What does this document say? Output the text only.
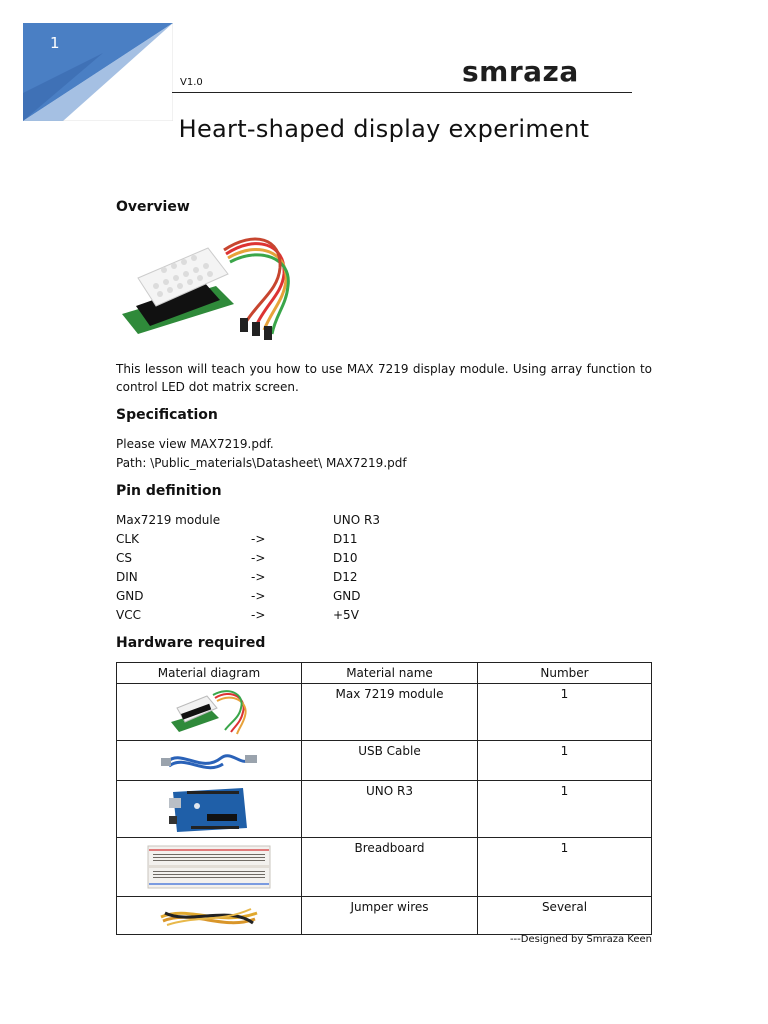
1
V1.0	smraza
Heart-shaped display experiment
Overview
This lesson will teach you how to use MAX 7219 display module. Using array function to control LED dot matrix screen.
Specification
Please view MAX7219.pdf.
Path: \Public_materials\Datasheet\ MAX7219.pdf
Pin definition
Max7219 module	UNO R3
CLK	->	D11
CS	->	D10
DIN	->	D12
GND	->	GND
VCC	->	+5V
Hardware required
Material diagram	Material name	Number

Max 7219 module	1

USB Cable	1

UNO R3	1

Breadboard	1

Jumper wires	Several
---Designed by Smraza Keen
